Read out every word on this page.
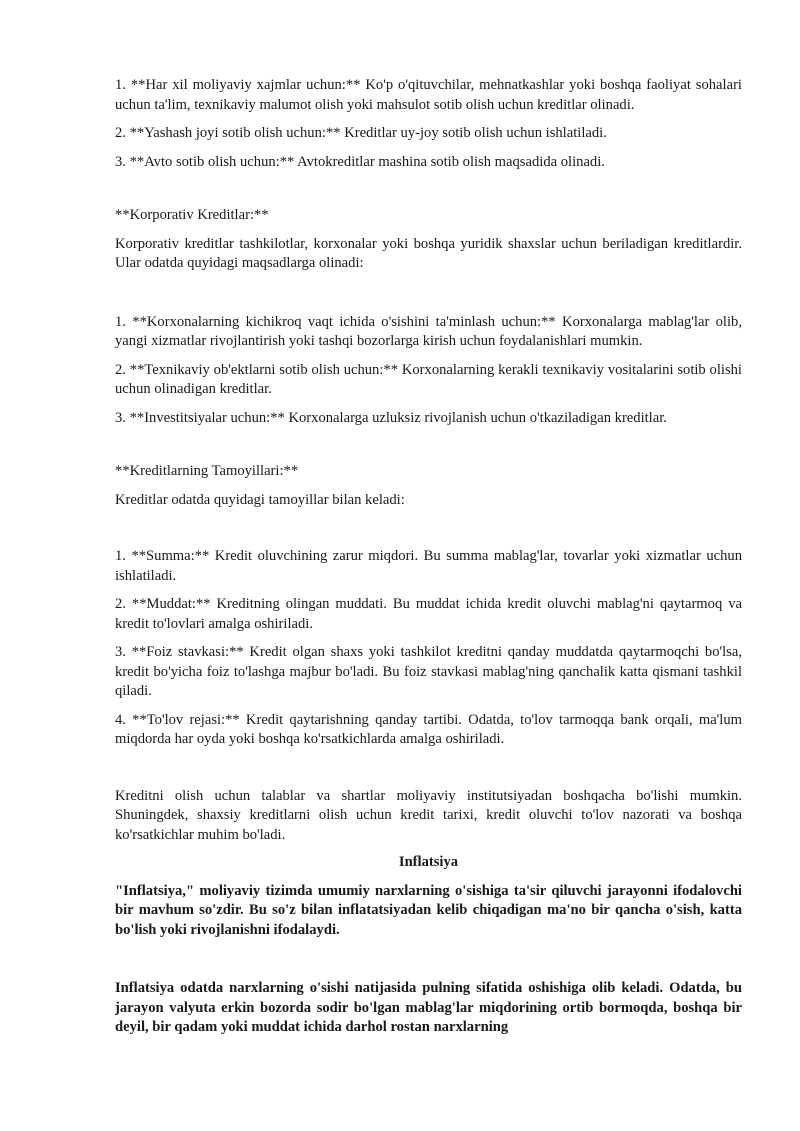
1. **Har xil moliyaviy xajmlar uchun:** Ko'p o'qituvchilar, mehnatkashlar yoki boshqa faoliyat sohalari uchun ta'lim, texnikaviy malumot olish yoki mahsulot sotib olish uchun kreditlar olinadi.

2. **Yashash joyi sotib olish uchun:** Kreditlar uy-joy sotib olish uchun ishlatiladi.

3. **Avto sotib olish uchun:** Avtokreditlar mashina sotib olish maqsadida olinadi.

**Korporativ Kreditlar:**

Korporativ kreditlar tashkilotlar, korxonalar yoki boshqa yuridik shaxslar uchun beriladigan kreditlardir. Ular odatda quyidagi maqsadlarga olinadi:

1. **Korxonalarning kichikroq vaqt ichida o'sishini ta'minlash uchun:** Korxonalarga mablag'lar olib, yangi xizmatlar rivojlantirish yoki tashqi bozorlarga kirish uchun foydalanishlari mumkin.

2. **Texnikaviy ob'ektlarni sotib olish uchun:** Korxonalarning kerakli texnikaviy vositalarini sotib olishi uchun olinadigan kreditlar.

3. **Investitsiyalar uchun:** Korxonalarga uzluksiz rivojlanish uchun o'tkaziladigan kreditlar.

**Kreditlarning Tamoyillari:**

Kreditlar odatda quyidagi tamoyillar bilan keladi:

1. **Summa:** Kredit oluvchining zarur miqdori. Bu summa mablag'lar, tovarlar yoki xizmatlar uchun ishlatiladi.

2. **Muddat:** Kreditning olingan muddati. Bu muddat ichida kredit oluvchi mablag'ni qaytarmoq va kredit to'lovlari amalga oshiriladi.

3. **Foiz stavkasi:** Kredit olgan shaxs yoki tashkilot kreditni qanday muddatda qaytarmoqchi bo'lsa, kredit bo'yicha foiz to'lashga majbur bo'ladi. Bu foiz stavkasi mablag'ning qanchalik katta qismani tashkil qiladi.

4. **To'lov rejasi:** Kredit qaytarishning qanday tartibi. Odatda, to'lov tarmoqqa bank orqali, ma'lum miqdorda har oyda yoki boshqa ko'rsatkichlarda amalga oshiriladi.

Kreditni olish uchun talablar va shartlar moliyaviy institutsiyadan boshqacha bo'lishi mumkin. Shuningdek, shaxsiy kreditlarni olish uchun kredit tarixi, kredit oluvchi to'lov nazorati va boshqa ko'rsatkichlar muhim bo'ladi.

Inflatsiya

"Inflatsiya," moliyaviy tizimda umumiy narxlarning o'sishiga ta'sir qiluvchi jarayonni ifodalovchi bir mavhum so'zdir. Bu so'z bilan inflatatsiyadan kelib chiqadigan ma'no bir qancha o'sish, katta bo'lish yoki rivojlanishni ifodalaydi.

Inflatsiya odatda narxlarning o'sishi natijasida pulning sifatida oshishiga olib keladi. Odatda, bu jarayon valyuta erkin bozorda sodir bo'lgan mablag'lar miqdorining ortib bormoqda, boshqa bir deyil, bir qadam yoki muddat ichida darhol rostan narxlarning
